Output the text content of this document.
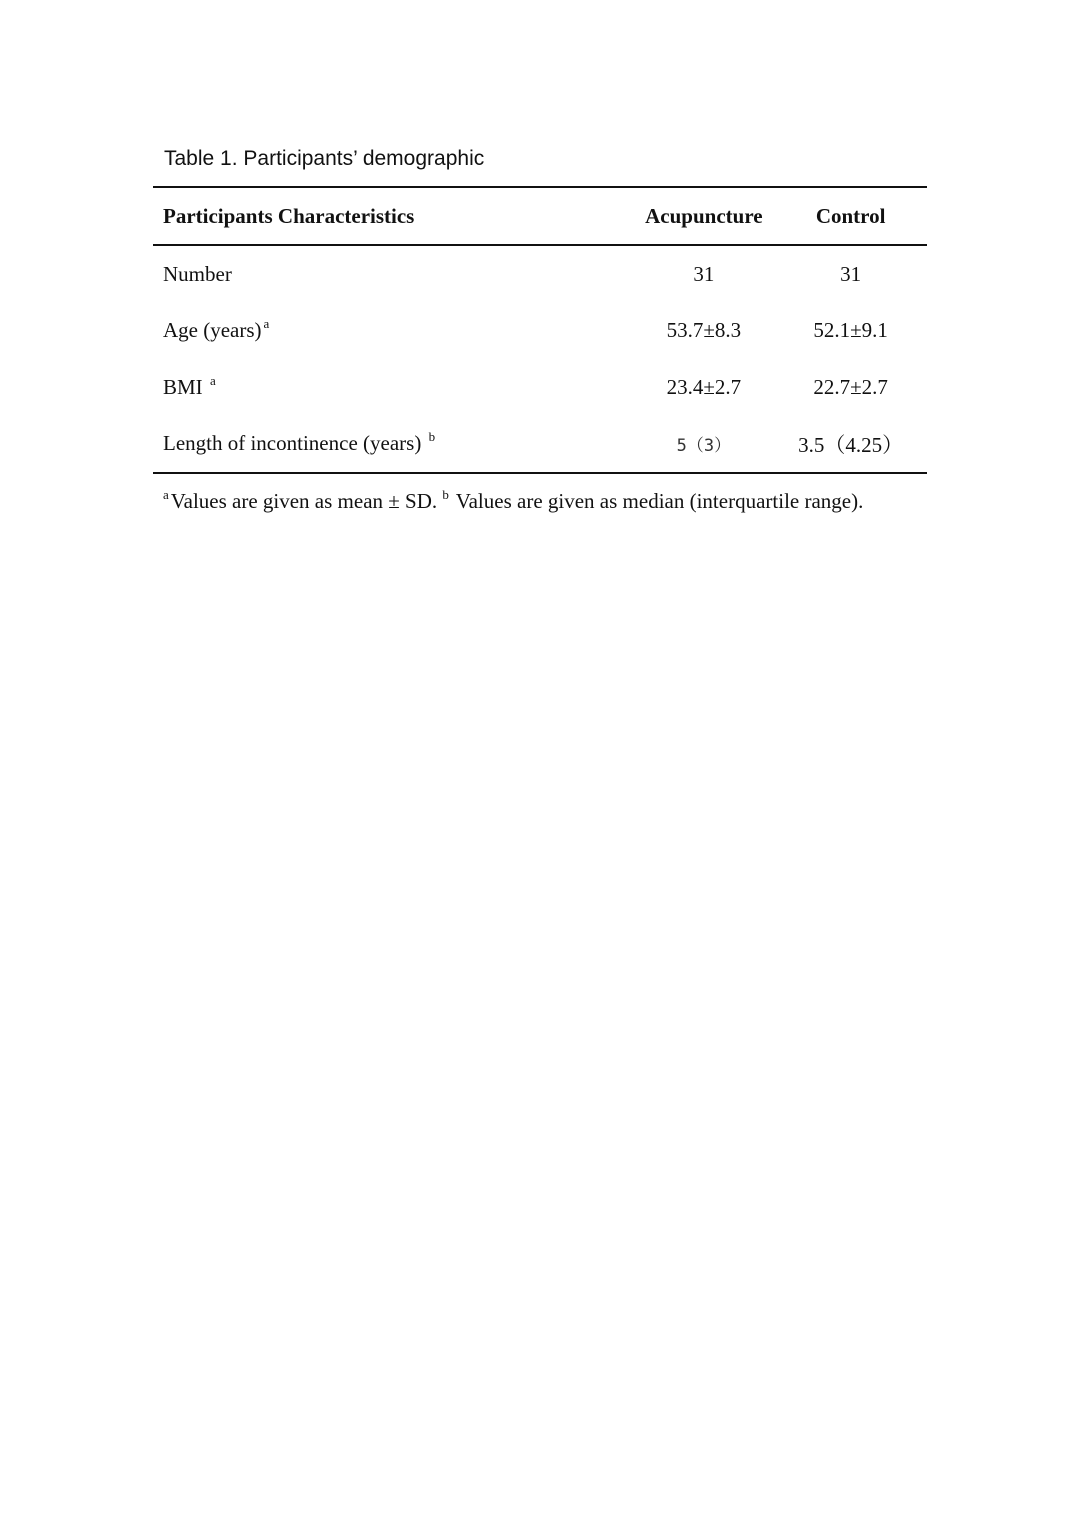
Table 1. Participants’ demographic
Participants Characteristics	Acupuncture	Control	
Number	31	31	
Age (years) $^a$	53.7±8.3	52.1±9.1	
BMI $^a$	23.4±2.7	22.7±2.7	
Length of incontinence (years) $^b$	5（3）	3.5（4.25）	
$^a$Values are given as mean ± SD. $^b$ Values are given as median (interquartile range).
